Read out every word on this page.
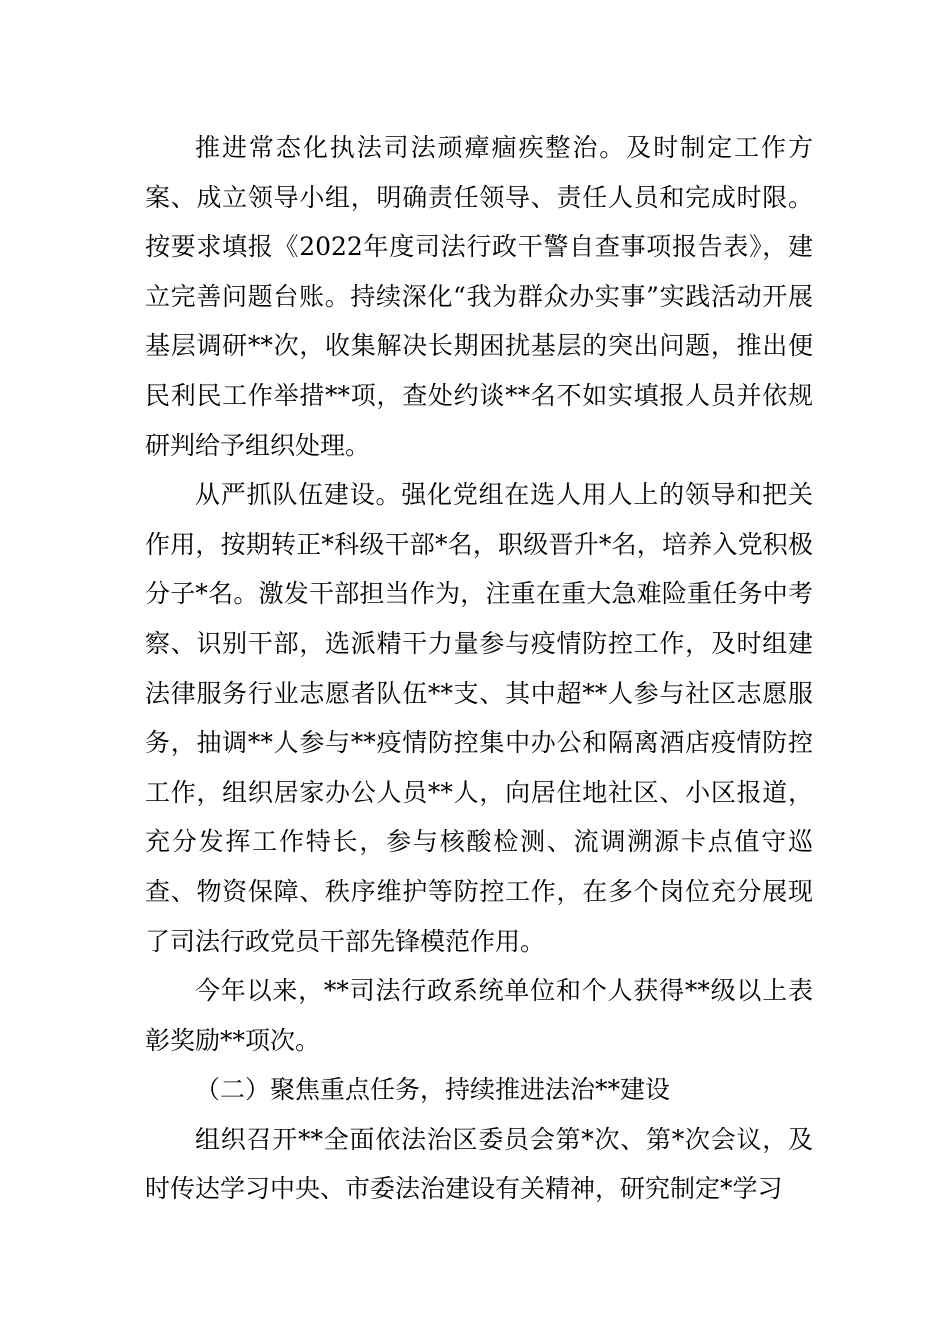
推进常态化执法司法顽瘴痼疾整治。及时制定工作方案、成立领导小组，明确责任领导、责任人员和完成时限。按要求填报《2022年度司法行政干警自查事项报告表》，建立完善问题台账。持续深化“我为群众办实事”实践活动开展基层调研**次，收集解决长期困扰基层的突出问题，推出便民利民工作举措**项，查处约谈**名不如实填报人员并依规研判给予组织处理。

从严抓队伍建设。强化党组在选人用人上的领导和把关作用，按期转正*科级干部*名，职级晋升*名，培养入党积极分子*名。激发干部担当作为，注重在重大急难险重任务中考察、识别干部，选派精干力量参与疫情防控工作，及时组建法律服务行业志愿者队伍**支、其中超**人参与社区志愿服务，抽调**人参与**疫情防控集中办公和隔离酒店疫情防控工作，组织居家办公人员**人，向居住地社区、小区报道，充分发挥工作特长，参与核酸检测、流调溯源卡点值守巡查、物资保障、秩序维护等防控工作，在多个岗位充分展现了司法行政党员干部先锋模范作用。

今年以来，**司法行政系统单位和个人获得**级以上表彰奖励**项次。

（二）聚焦重点任务，持续推进法治**建设

组织召开**全面依法治区委员会第*次、第*次会议，及时传达学习中央、市委法治建设有关精神，研究制定*学习
